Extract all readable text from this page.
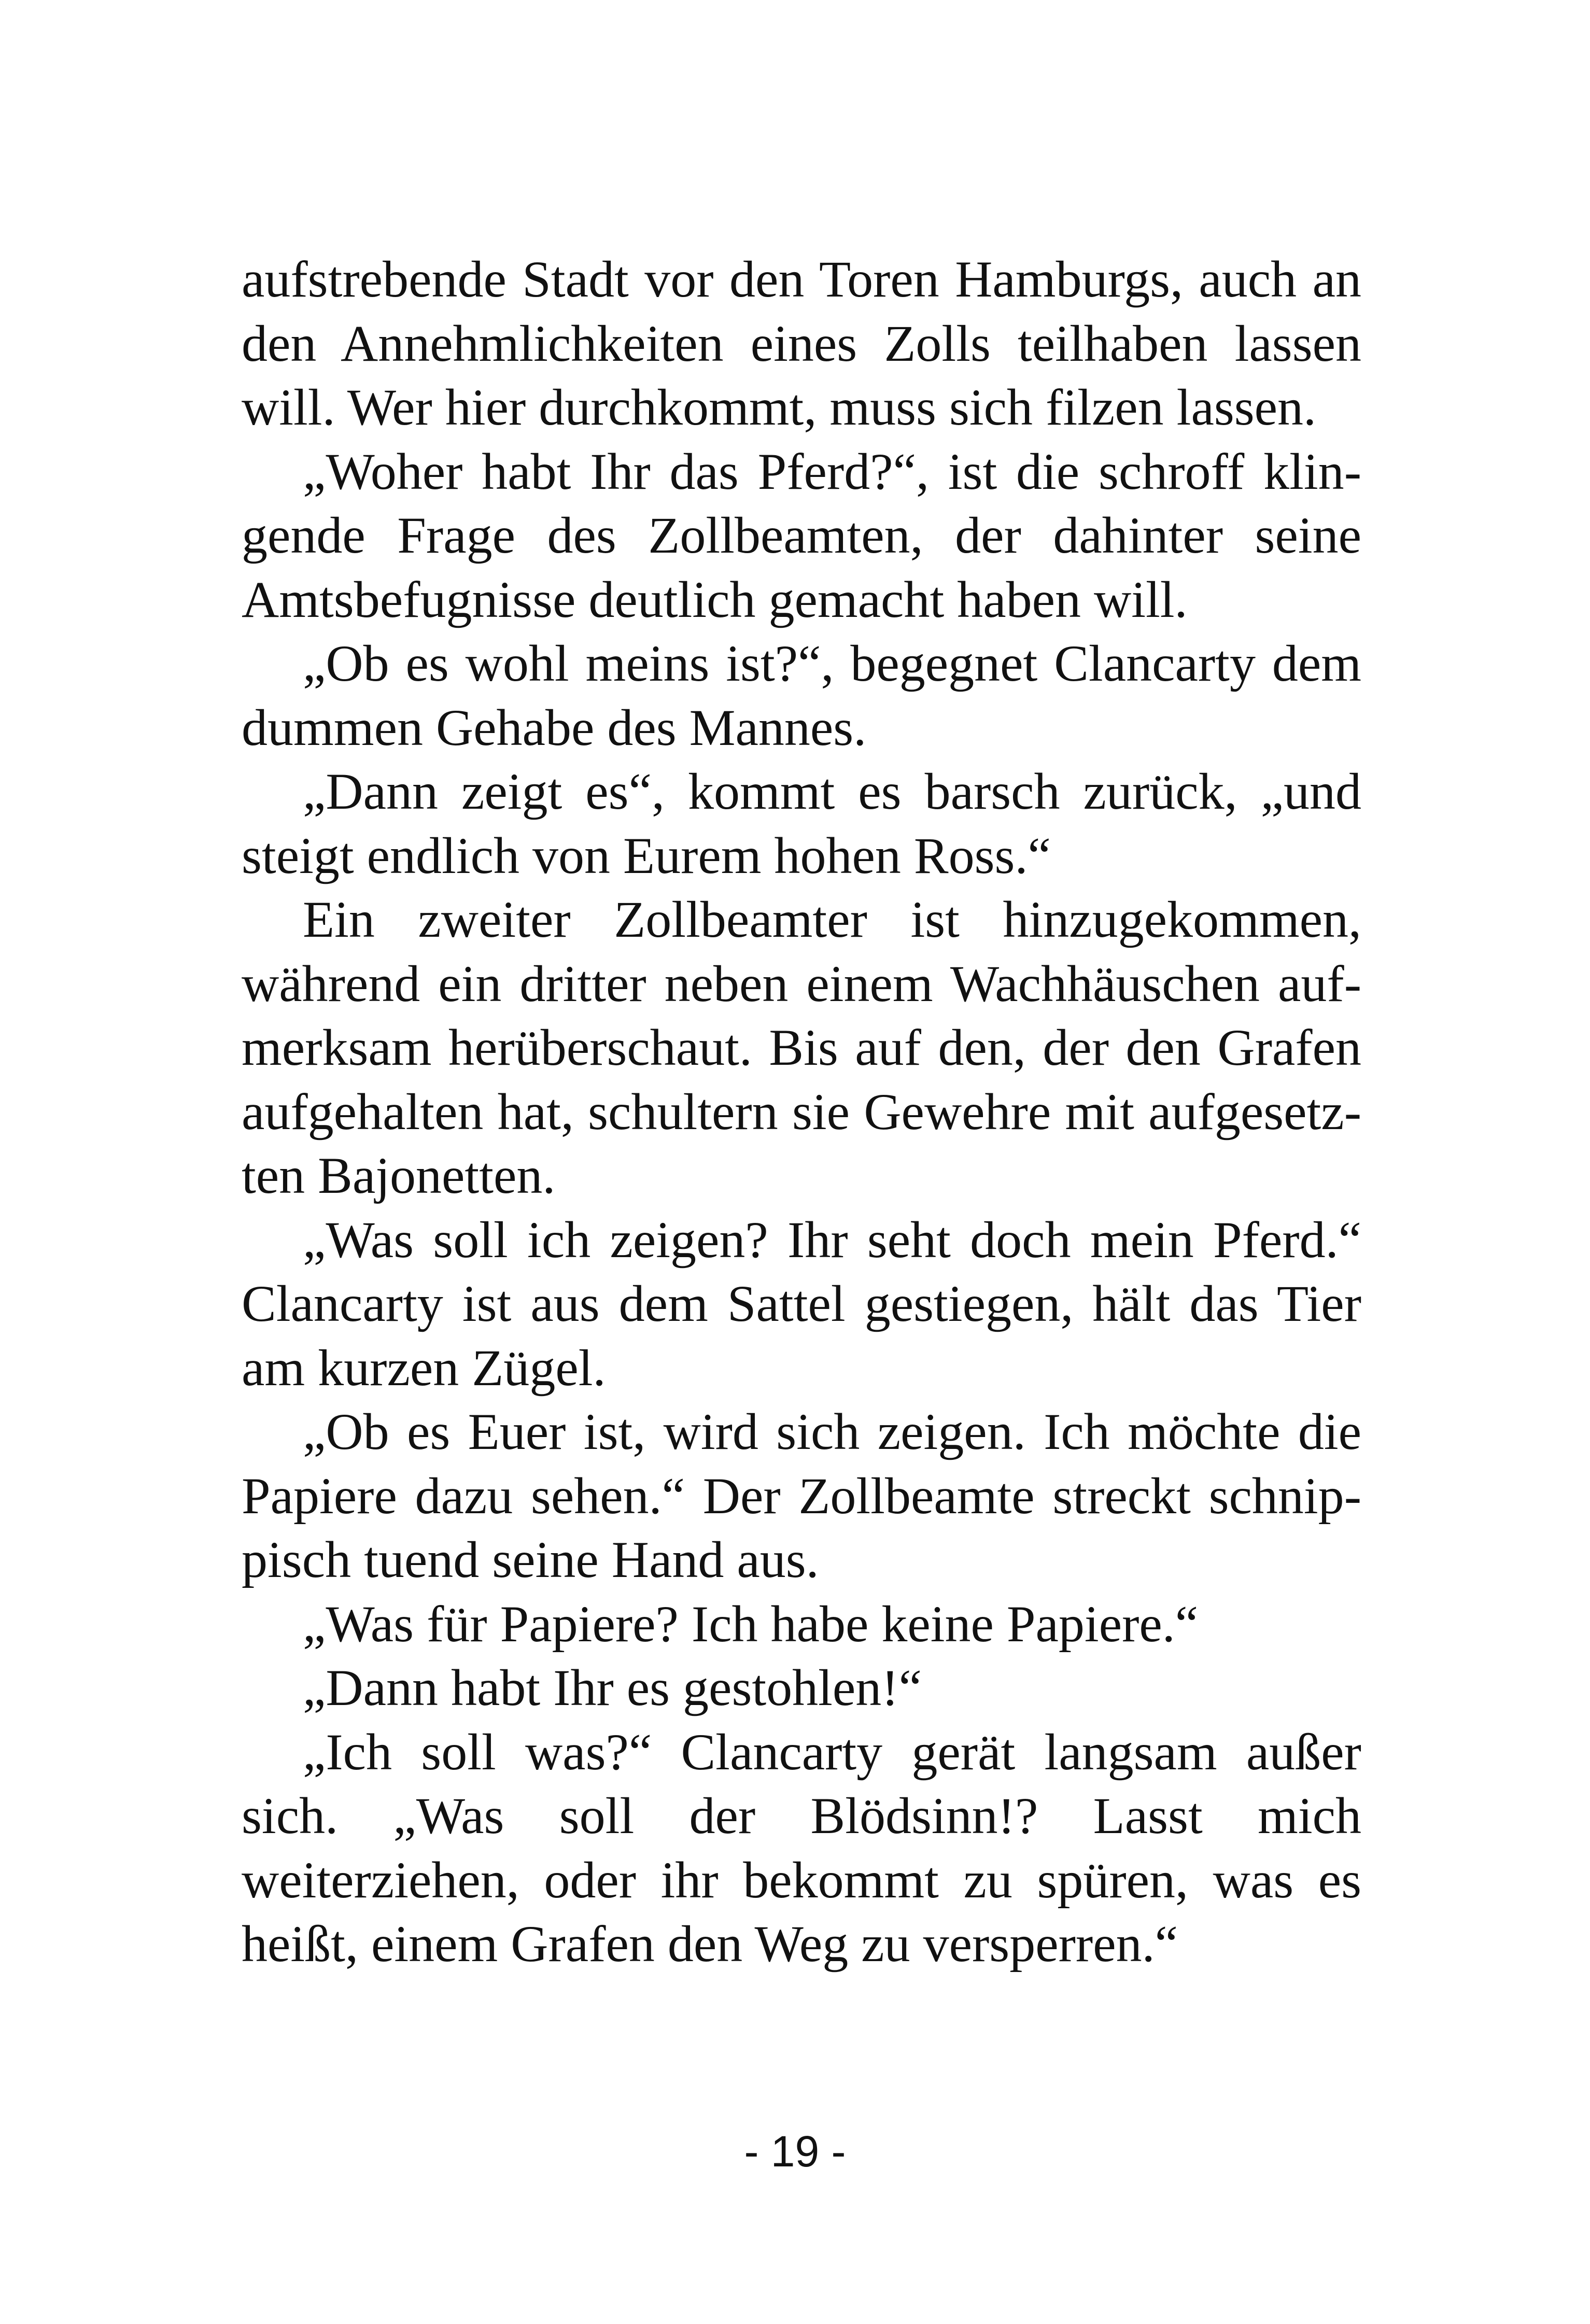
aufstrebende Stadt vor den Toren Hamburgs, auch an den Annehmlichkeiten eines Zolls teilhaben lassen will. Wer hier durchkommt, muss sich filzen lassen.

„Woher habt Ihr das Pferd?“, ist die schroff klingende Frage des Zollbeamten, der dahinter seine Amtsbefugnisse deutlich gemacht haben will.

„Ob es wohl meins ist?“, begegnet Clancarty dem dummen Gehabe des Mannes.

„Dann zeigt es“, kommt es barsch zurück, „und steigt endlich von Eurem hohen Ross.“

Ein zweiter Zollbeamter ist hinzugekommen, während ein dritter neben einem Wachhäuschen aufmerksam herüberschaut. Bis auf den, der den Grafen aufgehalten hat, schultern sie Gewehre mit aufgesetzten Bajonetten.

„Was soll ich zeigen? Ihr seht doch mein Pferd.“ Clancarty ist aus dem Sattel gestiegen, hält das Tier am kurzen Zügel.

„Ob es Euer ist, wird sich zeigen. Ich möchte die Papiere dazu sehen.“ Der Zollbeamte streckt schnippisch tuend seine Hand aus.

„Was für Papiere? Ich habe keine Papiere.“

„Dann habt Ihr es gestohlen!“

„Ich soll was?“ Clancarty gerät langsam außer sich. „Was soll der Blödsinn!? Lasst mich weiterziehen, oder ihr bekommt zu spüren, was es heißt, einem Grafen den Weg zu versperren.“

- 19 -
